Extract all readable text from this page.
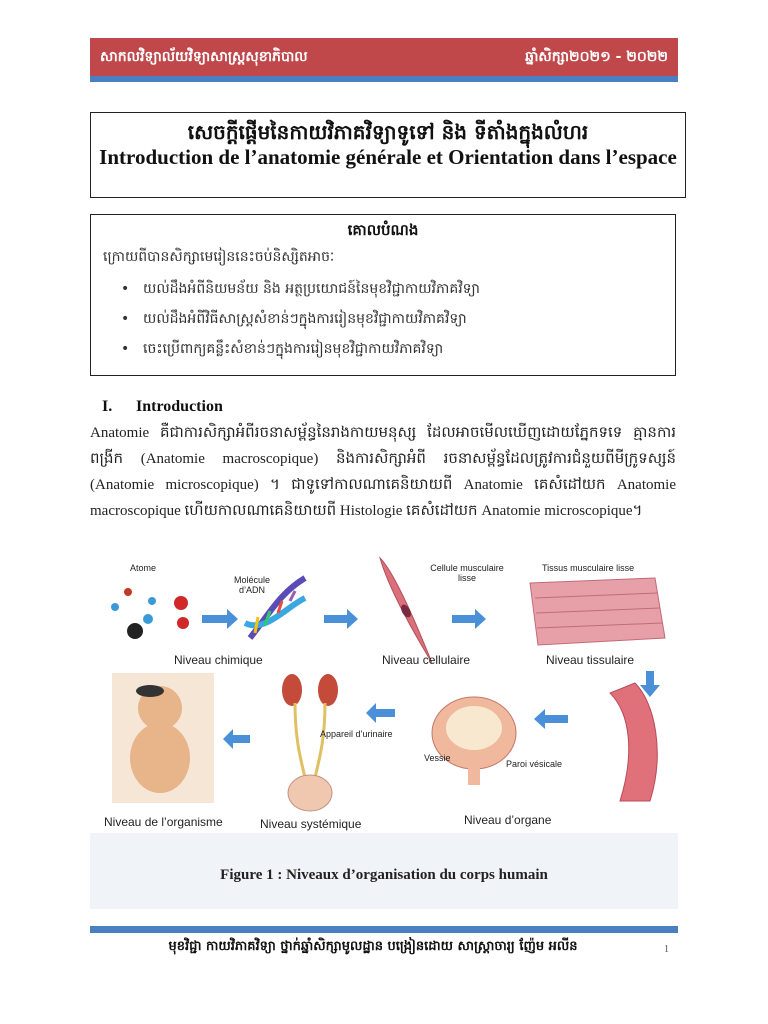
សាកលវិទ្យាល័យវិទ្យាសាស្ត្រសុខាភិបាល	ឆ្នាំសិក្សា២០២១ - ២០២២
សេចក្តីផ្តើមនៃកាយវិភាគវិទ្យាទូទៅ និង ទីតាំងក្នុងលំហរ
Introduction de l’anatomie générale et Orientation dans l’espace
គោលបំណង
ក្រោយពីបានសិក្សាមេរៀននេះចប់និស្សិតអាចៈ
• យល់ដឹងអំពីនិយមន័យ និង អត្ថប្រយោជន៍នៃមុខវិជ្ជាកាយវិភាគវិទ្យា
• យល់ដឹងអំពីវិធីសាស្ត្រសំខាន់ៗក្នុងការរៀនមុខវិជ្ជាកាយវិភាគវិទ្យា
• ចេះប្រើពាក្យគន្លឹះសំខាន់ៗក្នុងការរៀនមុខវិជ្ជាកាយវិភាគវិទ្យា
I. Introduction
Anatomie គឺជាការសិក្សាអំពីរចនាសម្ព័ន្ធនៃរាងកាយមនុស្ស ដែលអាចមើលឃើញដោយភ្នែកទទេ គ្មានការពង្រីក (Anatomie macroscopique) និងការសិក្សាអំពី រចនាសម្ព័ន្ធដែលត្រូវការជំនួយពីមីក្រូទស្សន៍ (Anatomie microscopique) ។ ជាទូទៅកាលណាគេនិយាយពី Anatomie គេសំដៅយក Anatomie macroscopique ហើយកាលណាគេនិយាយពី Histologie គេសំដៅយក Anatomie microscopique។
Atome
Molécule d’ADN
Cellule musculaire lisse
Tissus musculaire lisse
Niveau chimique	Niveau cellulaire	Niveau tissulaire
Appareil d’urinaire
Vessie
Paroi vésicale
Niveau de l’organisme	Niveau systémique	Niveau d’organe
Figure 1 : Niveaux d’organisation du corps humain
មុខវិជ្ជា កាយវិភាគវិទ្យា ថ្នាក់ឆ្នាំសិក្សាមូលដ្ឋាន បង្រៀនដោយ សាស្ត្រាចារ្យ ញ៉ែម អលីន	1
